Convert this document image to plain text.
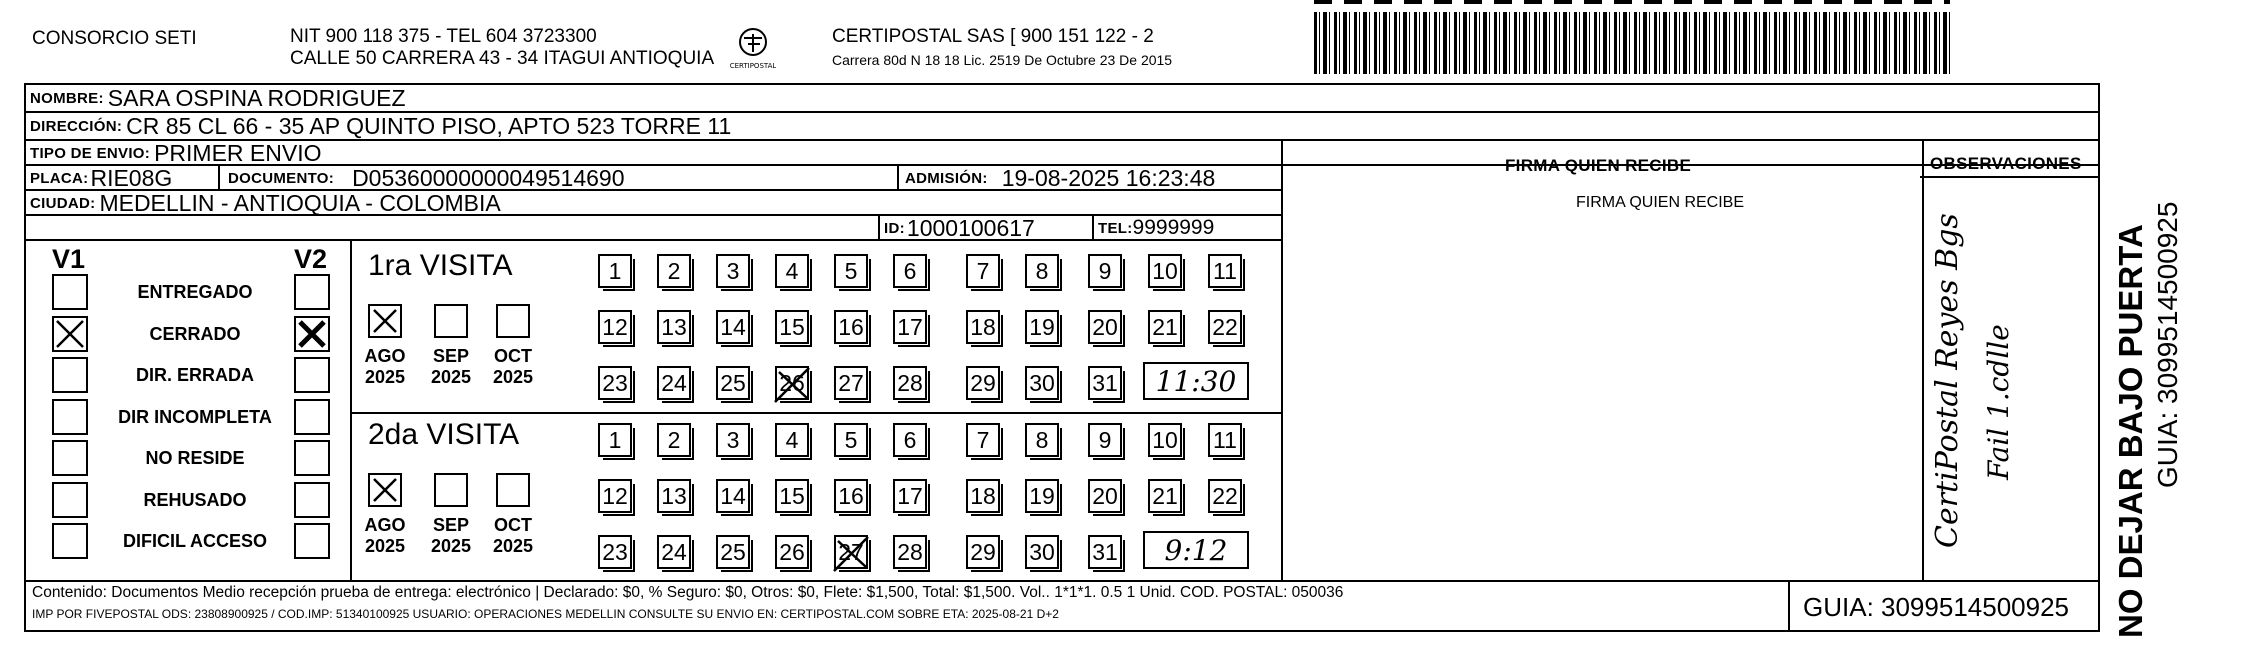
CONSORCIO SETI	NIT 900 118 375 - TEL 604 3723300
CALLE 50 CARRERA 43 - 34 ITAGUI ANTIOQUIA CERTIPOSTAL
CERTIPOSTAL SAS [ 900 151 122 - 2
Carrera 80d N 18 18 Lic. 2519 De Octubre 23 De 2015
NOMBRE: SARA OSPINA RODRIGUEZ
DIRECCIÓN: CR 85 CL 66 - 35 AP QUINTO PISO, APTO 523 TORRE 11
TIPO DE ENVIO: PRIMER ENVIO
PLACA: RIE08G	DOCUMENTO: D05360000000049514690	ADMISIÓN: 19-08-2025 16:23:48
FIRMA QUIEN RECIBE
CIUDAD: MEDELLIN - ANTIOQUIA - COLOMBIA
ID: 1000100617	TEL: 9999999
OBSERVACIONES
FIRMA QUIEN RECIBE
V1	V2
ENTREGADO
CERRADO
DIR. ERRADA
DIR INCOMPLETA
NO RESIDE
REHUSADO
DIFICIL ACCESO
1ra VISITA
AGO
2025
SEP
2025
OCT
2025
1 2 3 4 5 6	7 8 9 10 11
12 13 14 15 16 17 18 19 20 21 22
23 24 25 26 27 28 29 30 31	11:30
2da VISITA
AGO
2025
SEP
2025
OCT
2025
1 2 3 4 5 6	7 8 9 10 11
12 13 14 15 16 17 18 19 20 21 22
23 24 25 26 27 28 29 30 31	9:12
CertiPostal Reyes Bgs Fail 1.cdlle
Contenido: Documentos Medio recepción prueba de entrega: electrónico | Declarado: $0, % Seguro: $0, Otros: $0, Flete: $1,500, Total: $1,500. Vol.. 1*1*1. 0.5 1 Unid. COD. POSTAL: 050036
IMP POR FIVEPOSTAL ODS: 23808900925 / COD.IMP: 51340100925 USUARIO: OPERACIONES MEDELLIN CONSULTE SU ENVIO EN: CERTIPOSTAL.COM SOBRE ETA: 2025-08-21 D+2	GUIA: 3099514500925 NO DEJAR BAJO PUERTA GUIA: 3099514500925
